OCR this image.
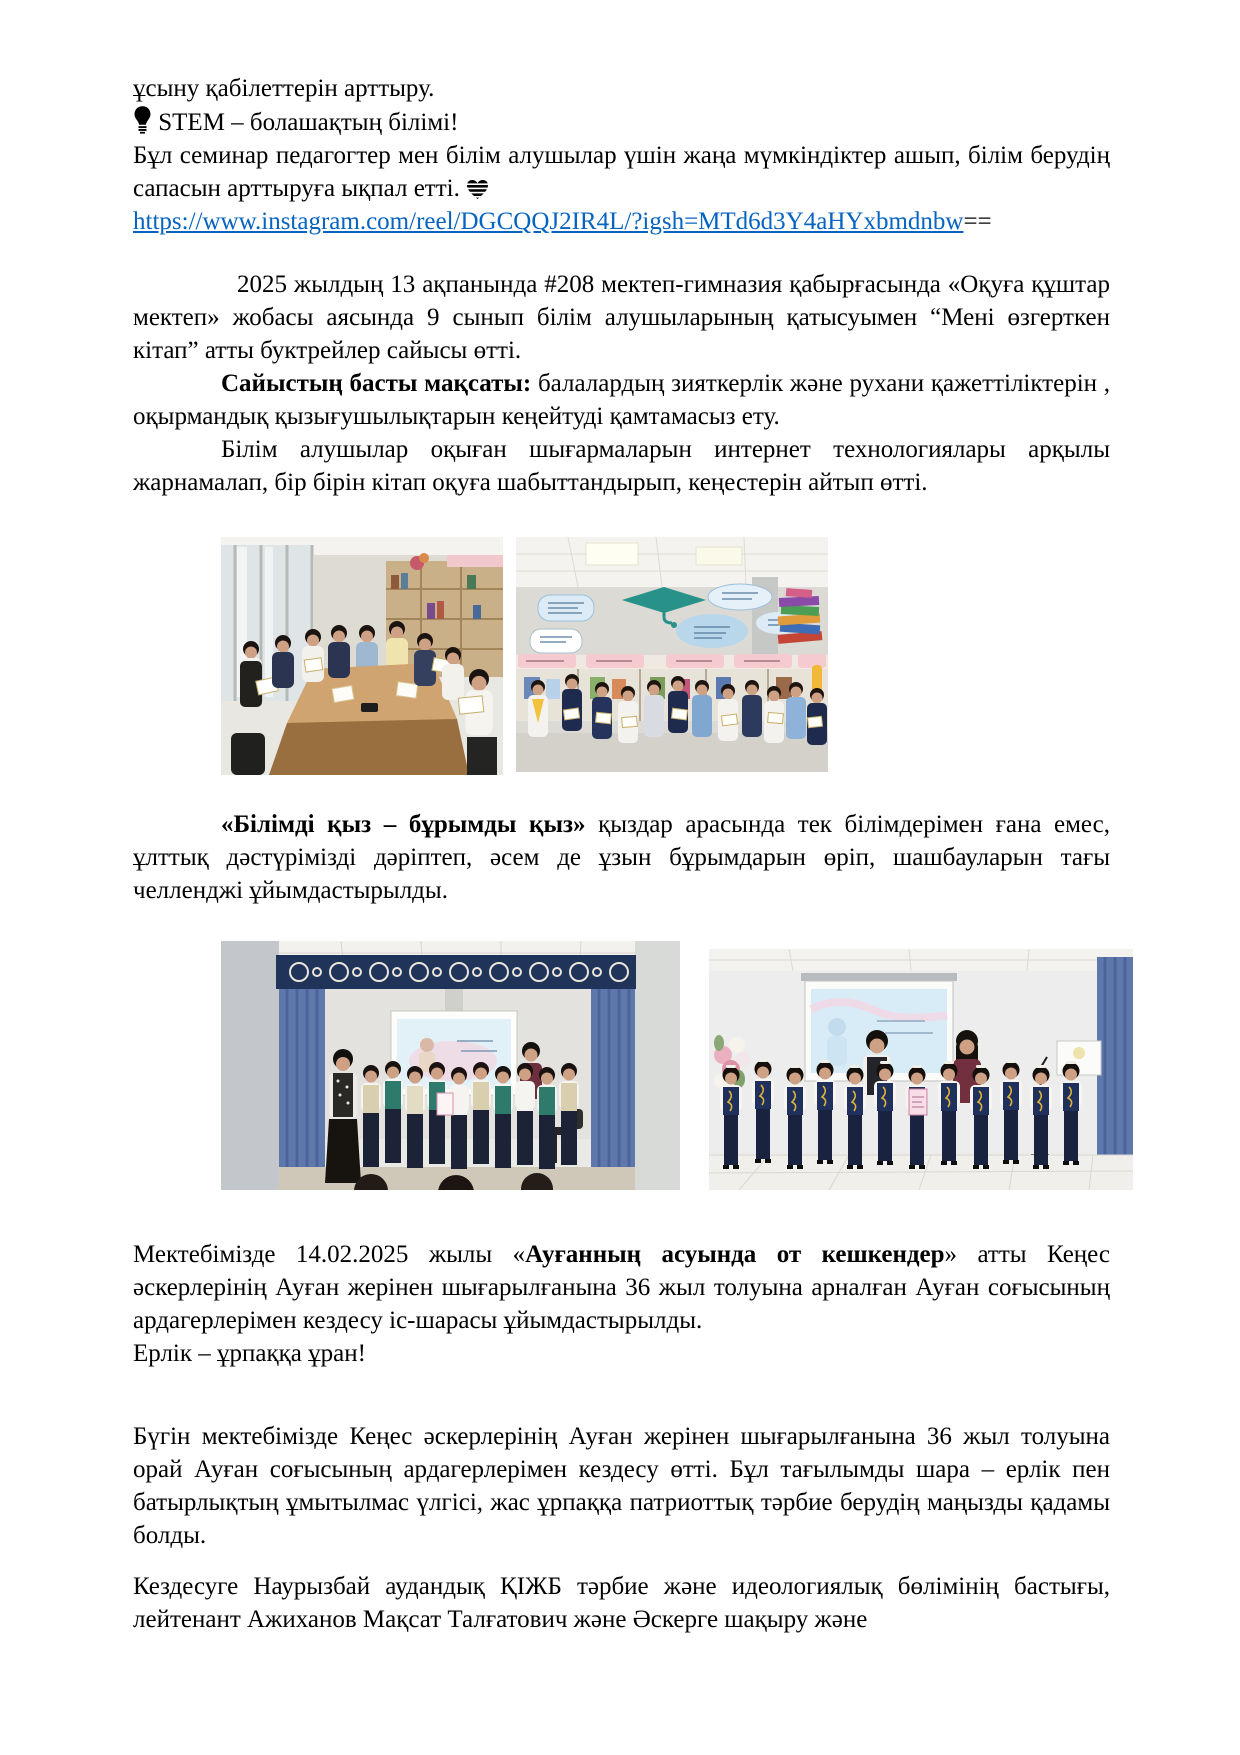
ұсыну қабілеттерін арттыру.

STEM – болашақтың білімі!

Бұл семинар педагогтер мен білім алушылар үшін жаңа мүмкіндіктер ашып, білім берудің сапасын арттыруға ықпал етті.

https://www.instagram.com/reel/DGCQQJ2IR4L/?igsh=MTd6d3Y4aHYxbmdnbw==

2025 жылдың 13 ақпанында #208 мектеп-гимназия қабырғасында «Оқуға құштар мектеп» жобасы аясында 9 сынып білім алушыларының қатысуымен “Мені өзгерткен кітап” атты буктрейлер сайысы өтті.

Сайыстың басты мақсаты: балалардың зияткерлік және рухани қажеттіліктерін , оқырмандық қызығушылықтарын кеңейтуді қамтамасыз ету.

Білім алушылар оқыған шығармаларын интернет технологиялары арқылы жарнамалап, бір бірін кітап оқуға шабыттандырып, кеңестерін айтып өтті.

«Білімді қыз – бұрымды қыз» қыздар арасында тек білімдерімен ғана емес, ұлттық дәстүрімізді дәріптеп, әсем де ұзын бұрымдарын өріп, шашбауларын тағы челленджі ұйымдастырылды.

Мектебімізде 14.02.2025 жылы «Ауғанның асуында от кешкендер» атты Кеңес әскерлерінің Ауған жерінен шығарылғанына 36 жыл толуына арналған Ауған соғысының ардагерлерімен кездесу іс-шарасы ұйымдастырылды.

Ерлік – ұрпаққа ұран!

Бүгін мектебімізде Кеңес әскерлерінің Ауған жерінен шығарылғанына 36 жыл толуына орай Ауған соғысының ардагерлерімен кездесу өтті. Бұл тағылымды шара – ерлік пен батырлықтың ұмытылмас үлгісі, жас ұрпаққа патриоттық тәрбие берудің маңызды қадамы болды.

Кездесуге Наурызбай аудандық ҚІЖБ тәрбие және идеологиялық бөлімінің бастығы, лейтенант Ажиханов Мақсат Талғатович және Әскерге шақыру және
